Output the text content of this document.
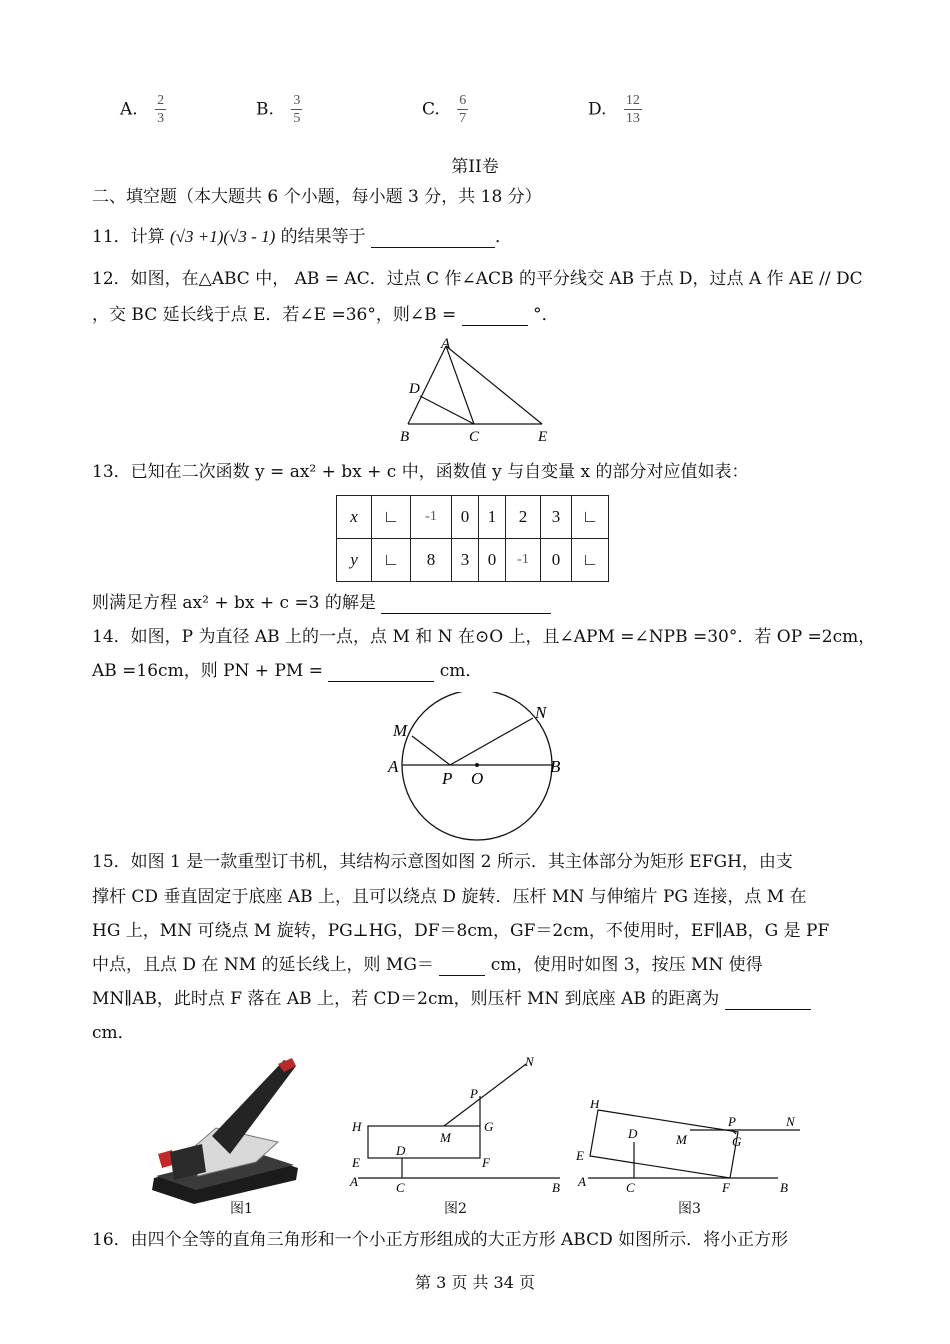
A. $\frac{2}{3}$	B. $\frac{3}{5}$	C. $\frac{6}{7}$	D. $\frac{12}{13}$
第II卷
二、填空题（本大题共 6 个小题，每小题 3 分，共 18 分）
11．计算 (√3 +1)(√3 - 1) 的结果等于	．
12．如图，在△ABC 中， AB = AC．过点 C 作∠ACB 的平分线交 AB 于点 D，过点 A 作 AE // DC
，交 BC 延长线于点 E．若∠E =36°，则∠B =	°．
A
D
B	C	E
13．已知在二次函数 y = ax² + bx + c 中，函数值 y 与自变量 x 的部分对应值如表：
x	∟	-1	0	1	2	3	∟
y	∟	8	3	0	-1	0	∟
则满足方程 ax² + bx + c =3 的解是
14．如图，P 为直径 AB 上的一点，点 M 和 N 在⊙O 上，且∠APM =∠NPB =30°．若 OP =2cm，
AB =16cm，则 PN + PM =	cm．
M
N
A	B
P O
15．如图 1 是一款重型订书机，其结构示意图如图 2 所示．其主体部分为矩形 EFGH，由支
撑杆 CD 垂直固定于底座 AB 上，且可以绕点 D 旋转．压杆 MN 与伸缩片 PG 连接，点 M 在
HG 上，MN 可绕点 M 旋转，PG⊥HG，DF＝8cm，GF＝2cm，不使用时，EF∥AB，G 是 PF
中点，且点 D 在 NM 的延长线上，则 MG＝	cm，使用时如图 3，按压 MN 使得
MN∥AB，此时点 F 落在 AB 上，若 CD＝2cm，则压杆 MN 到底座 AB 的距离为
cm．
N
P
H	G
M
D
E	F
A	C	B
H
P	N
M	G
D
E
A	C	F	B
图1	图2	图3
16．由四个全等的直角三角形和一个小正方形组成的大正方形 ABCD 如图所示．将小正方形
第 3 页 共 34 页
